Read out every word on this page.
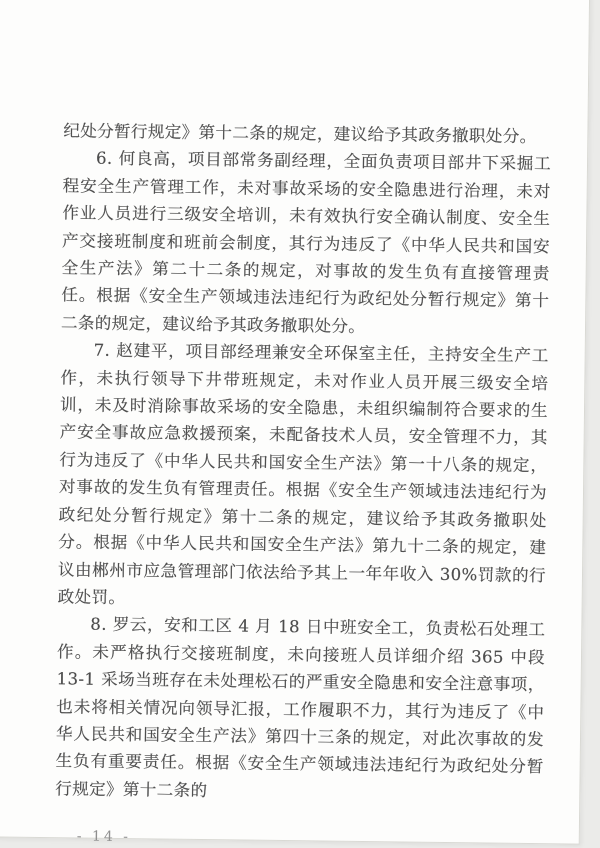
纪处分暂行规定》第十二条的规定，建议给予其政务撤职处分。

6. 何良高，项目部常务副经理，全面负责项目部井下采掘工程安全生产管理工作，未对事故采场的安全隐患进行治理，未对作业人员进行三级安全培训，未有效执行安全确认制度、安全生产交接班制度和班前会制度，其行为违反了《中华人民共和国安全生产法》第二十二条的规定，对事故的发生负有直接管理责任。根据《安全生产领域违法违纪行为政纪处分暂行规定》第十二条的规定，建议给予其政务撤职处分。

7. 赵建平，项目部经理兼安全环保室主任，主持安全生产工作，未执行领导下井带班规定，未对作业人员开展三级安全培训，未及时消除事故采场的安全隐患，未组织编制符合要求的生产安全事故应急救援预案，未配备技术人员，安全管理不力，其行为违反了《中华人民共和国安全生产法》第一十八条的规定，对事故的发生负有管理责任。根据《安全生产领域违法违纪行为政纪处分暂行规定》第十二条的规定，建议给予其政务撤职处分。根据《中华人民共和国安全生产法》第九十二条的规定，建议由郴州市应急管理部门依法给予其上一年年收入 30%罚款的行政处罚。

8. 罗云，安和工区 4 月 18 日中班安全工，负责松石处理工作。未严格执行交接班制度，未向接班人员详细介绍 365 中段 13-1 采场当班存在未处理松石的严重安全隐患和安全注意事项，也未将相关情况向领导汇报，工作履职不力，其行为违反了《中华人民共和国安全生产法》第四十三条的规定，对此次事故的发生负有重要责任。根据《安全生产领域违法违纪行为政纪处分暂行规定》第十二条的

- 14 -
